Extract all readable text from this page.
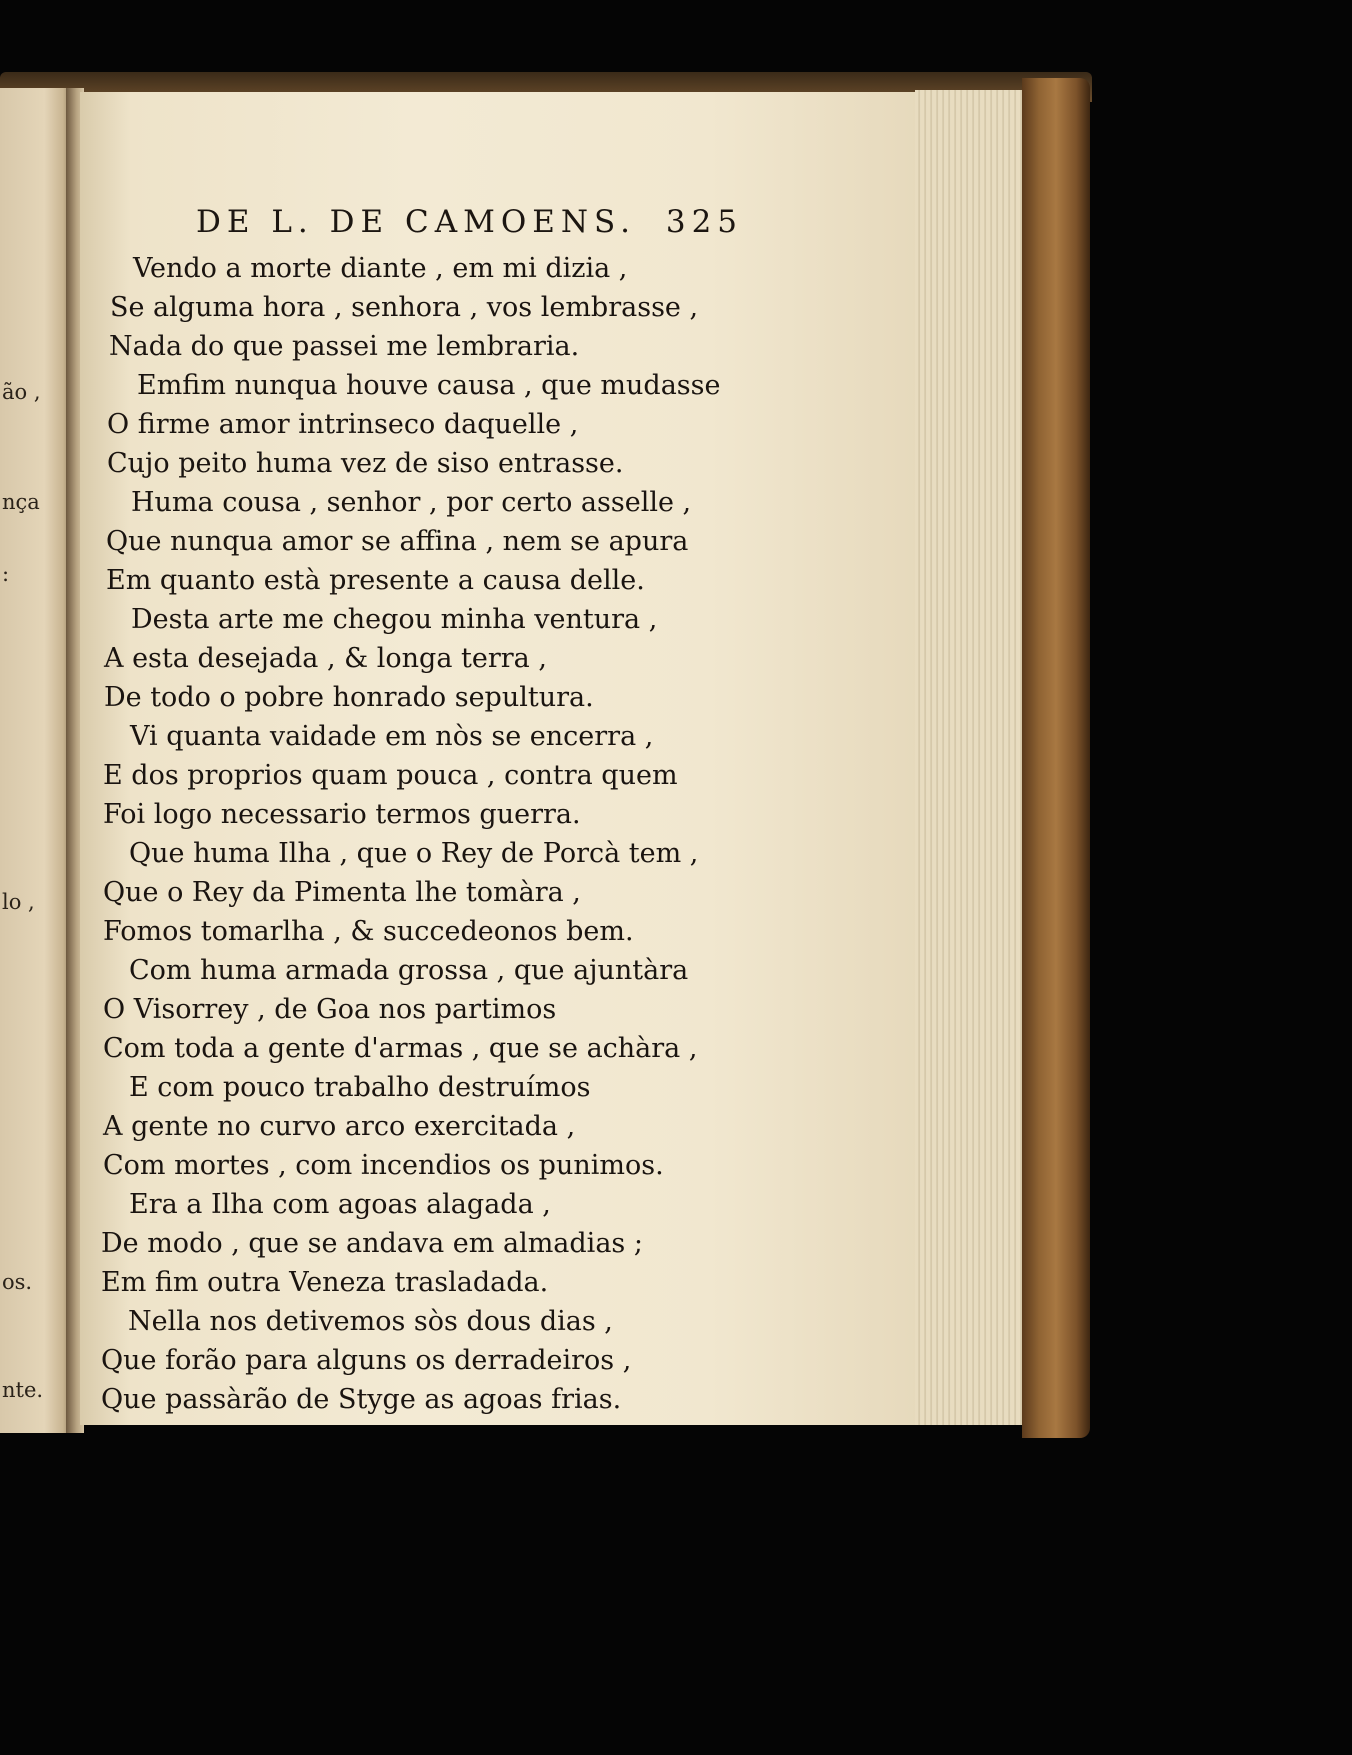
ão ,
nça
:
lo ,
os.
nte.
DE L. DE CAMOENS. 325
Vendo a morte diante , em mi dizia ,
Se alguma hora , senhora , vos lembrasse ,
Nada do que passei me lembraria.
Emfim nunqua houve causa , que mudasse
O firme amor intrinseco daquelle ,
Cujo peito huma vez de siso entrasse.
Huma cousa , senhor , por certo asselle ,
Que nunqua amor se affina , nem se apura
Em quanto està presente a causa delle.
Desta arte me chegou minha ventura ,
A esta desejada , & longa terra ,
De todo o pobre honrado sepultura.
Vi quanta vaidade em nòs se encerra ,
E dos proprios quam pouca , contra quem
Foi logo necessario termos guerra.
Que huma Ilha , que o Rey de Porcà tem ,
Que o Rey da Pimenta lhe tomàra ,
Fomos tomarlha , & succedeonos bem.
Com huma armada grossa , que ajuntàra
O Visorrey , de Goa nos partimos
Com toda a gente d'armas , que se achàra ,
E com pouco trabalho destruímos
A gente no curvo arco exercitada ,
Com mortes , com incendios os punimos.
Era a Ilha com agoas alagada ,
De modo , que se andava em almadias ;
Em fim outra Veneza trasladada.
Nella nos detivemos sòs dous dias ,
Que forão para alguns os derradeiros ,
Que passàrão de Styge as agoas frias.
